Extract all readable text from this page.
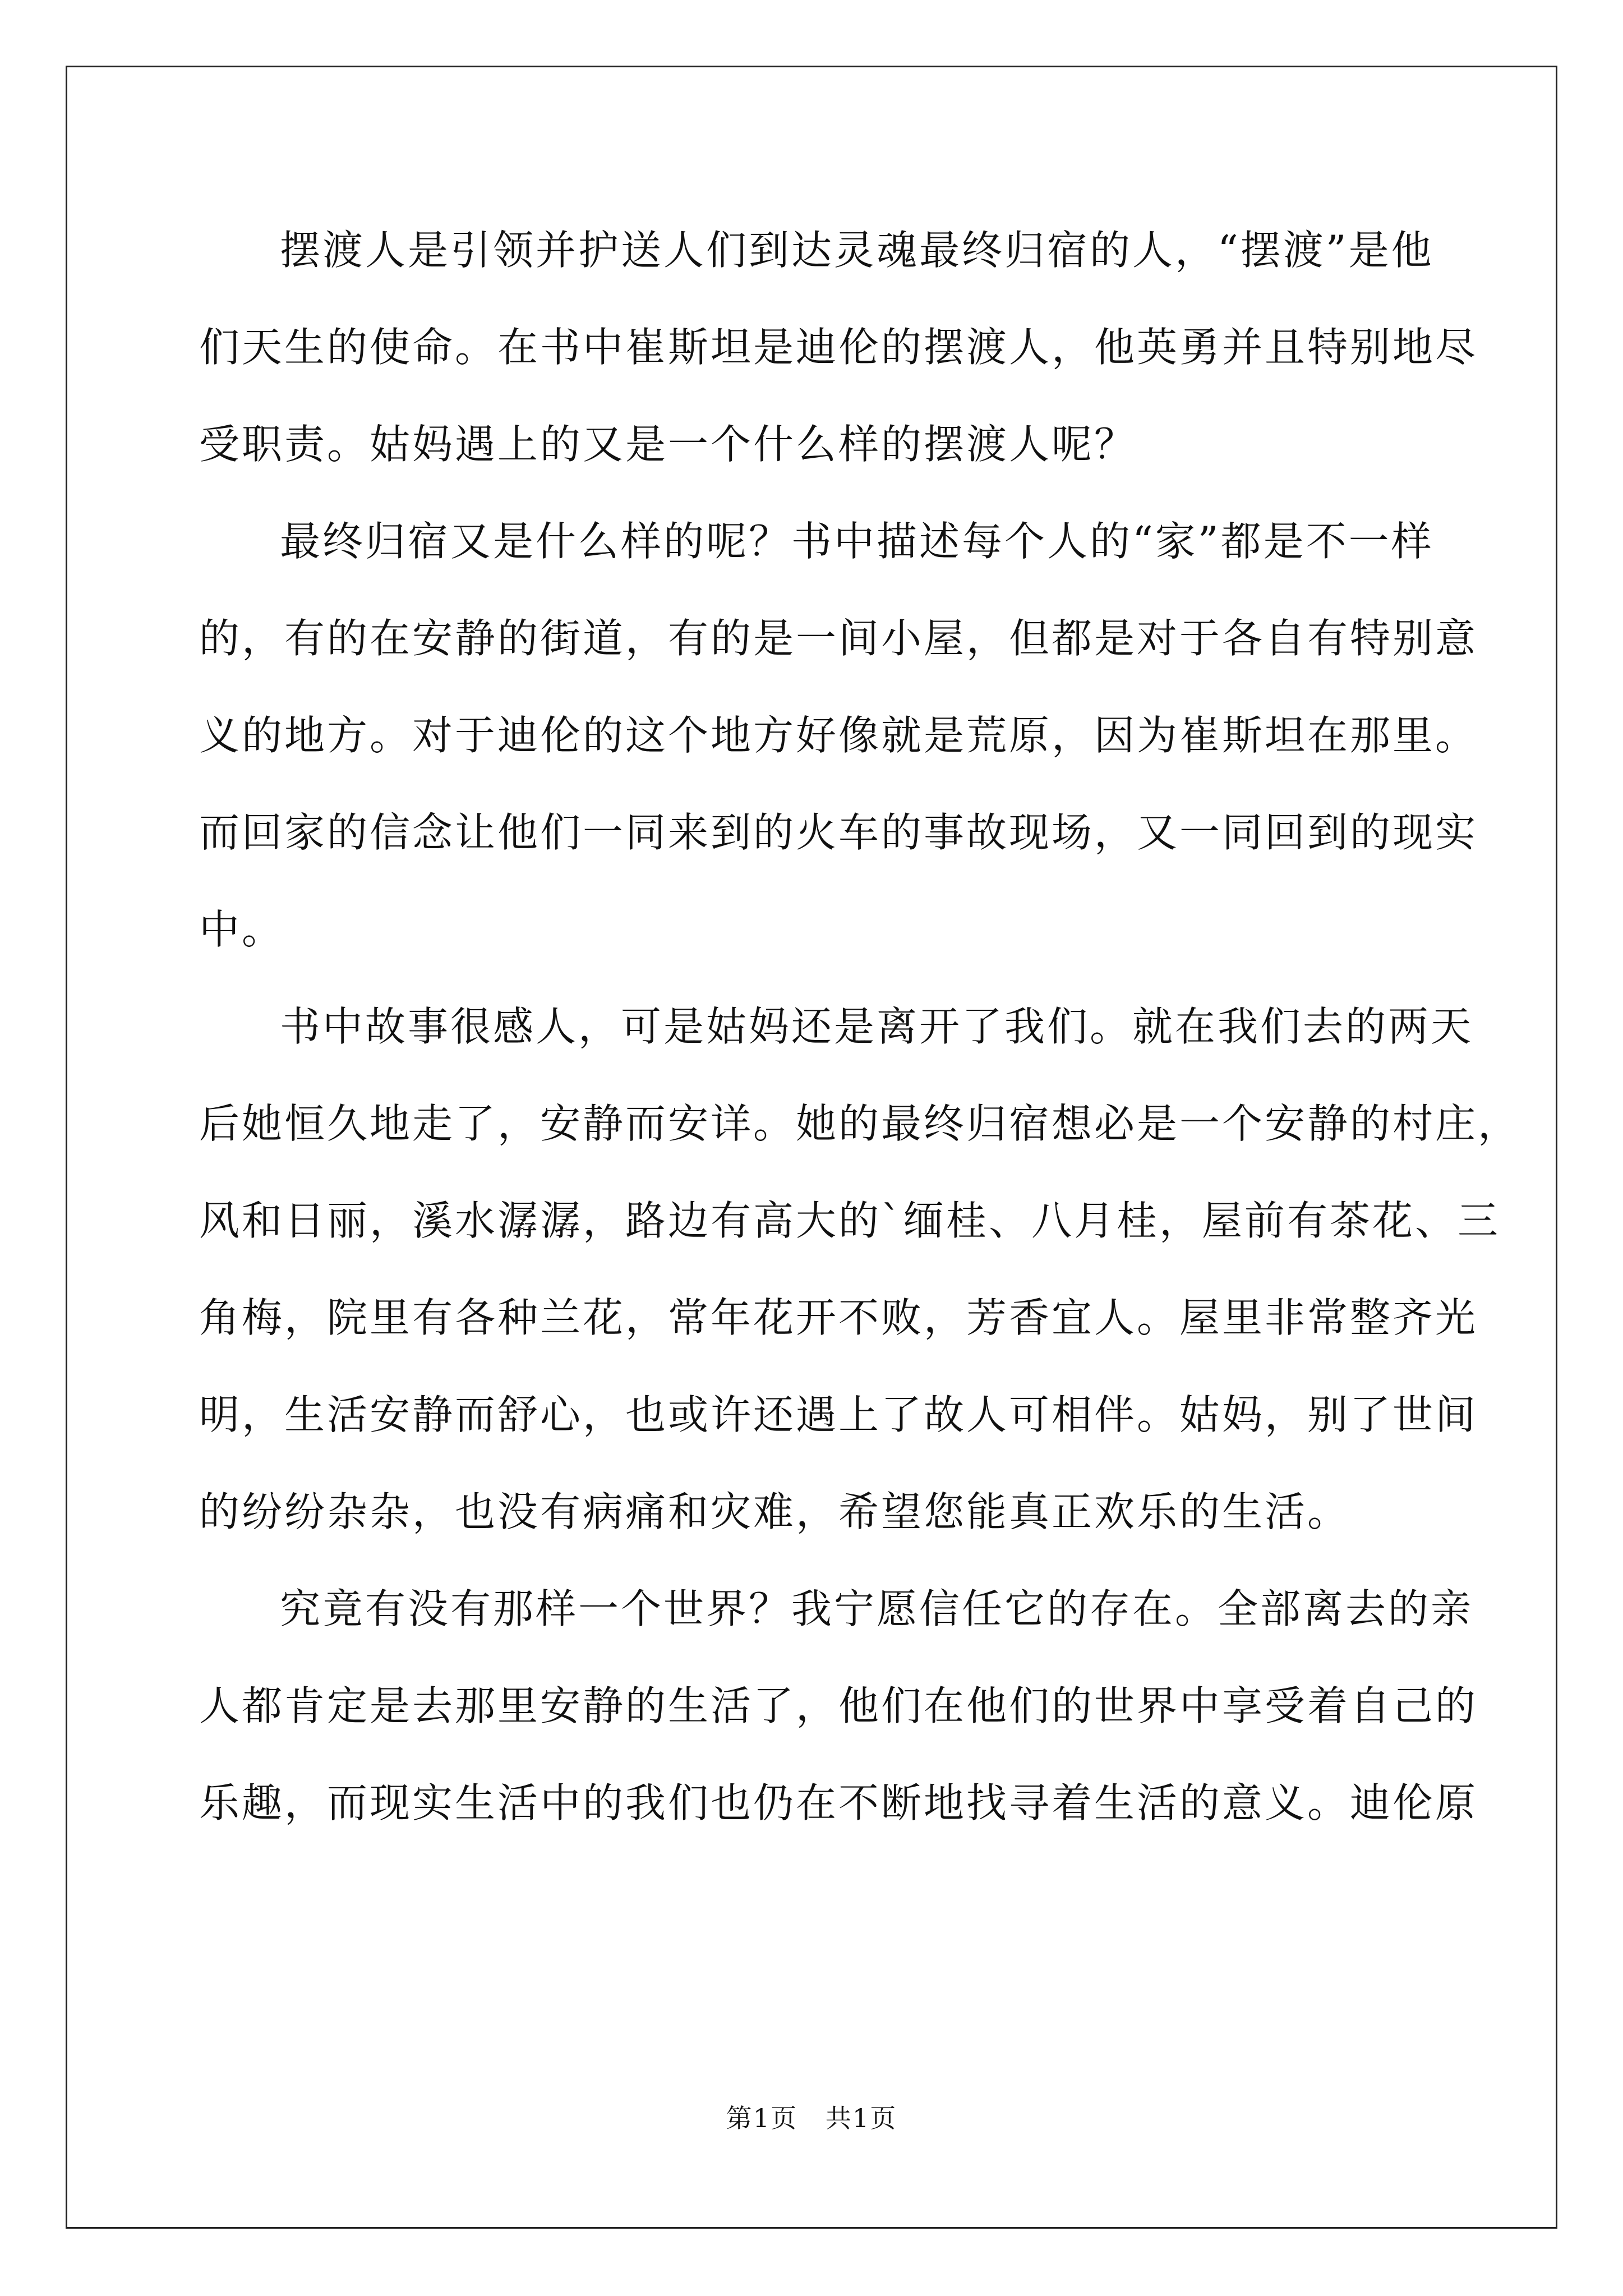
摆渡人是引领并护送人们到达灵魂最终归宿的人，“摆渡”是他
们天生的使命。在书中崔斯坦是迪伦的摆渡人，他英勇并且特别地尽
受职责。姑妈遇上的又是一个什么样的摆渡人呢？
最终归宿又是什么样的呢？书中描述每个人的“家”都是不一样
的，有的在安静的街道，有的是一间小屋，但都是对于各自有特别意
义的地方。对于迪伦的这个地方好像就是荒原，因为崔斯坦在那里。
而回家的信念让他们一同来到的火车的事故现场，又一同回到的现实
中。
书中故事很感人，可是姑妈还是离开了我们。就在我们去的两天
后她恒久地走了，安静而安详。她的最终归宿想必是一个安静的村庄，
风和日丽，溪水潺潺，路边有高大的`缅桂、八月桂，屋前有茶花、三
角梅，院里有各种兰花，常年花开不败，芳香宜人。屋里非常整齐光
明，生活安静而舒心，也或许还遇上了故人可相伴。姑妈，别了世间
的纷纷杂杂，也没有病痛和灾难，希望您能真正欢乐的生活。
究竟有没有那样一个世界？我宁愿信任它的存在。全部离去的亲
人都肯定是去那里安静的生活了，他们在他们的世界中享受着自己的
乐趣，而现实生活中的我们也仍在不断地找寻着生活的意义。迪伦原
第1页   共1页
